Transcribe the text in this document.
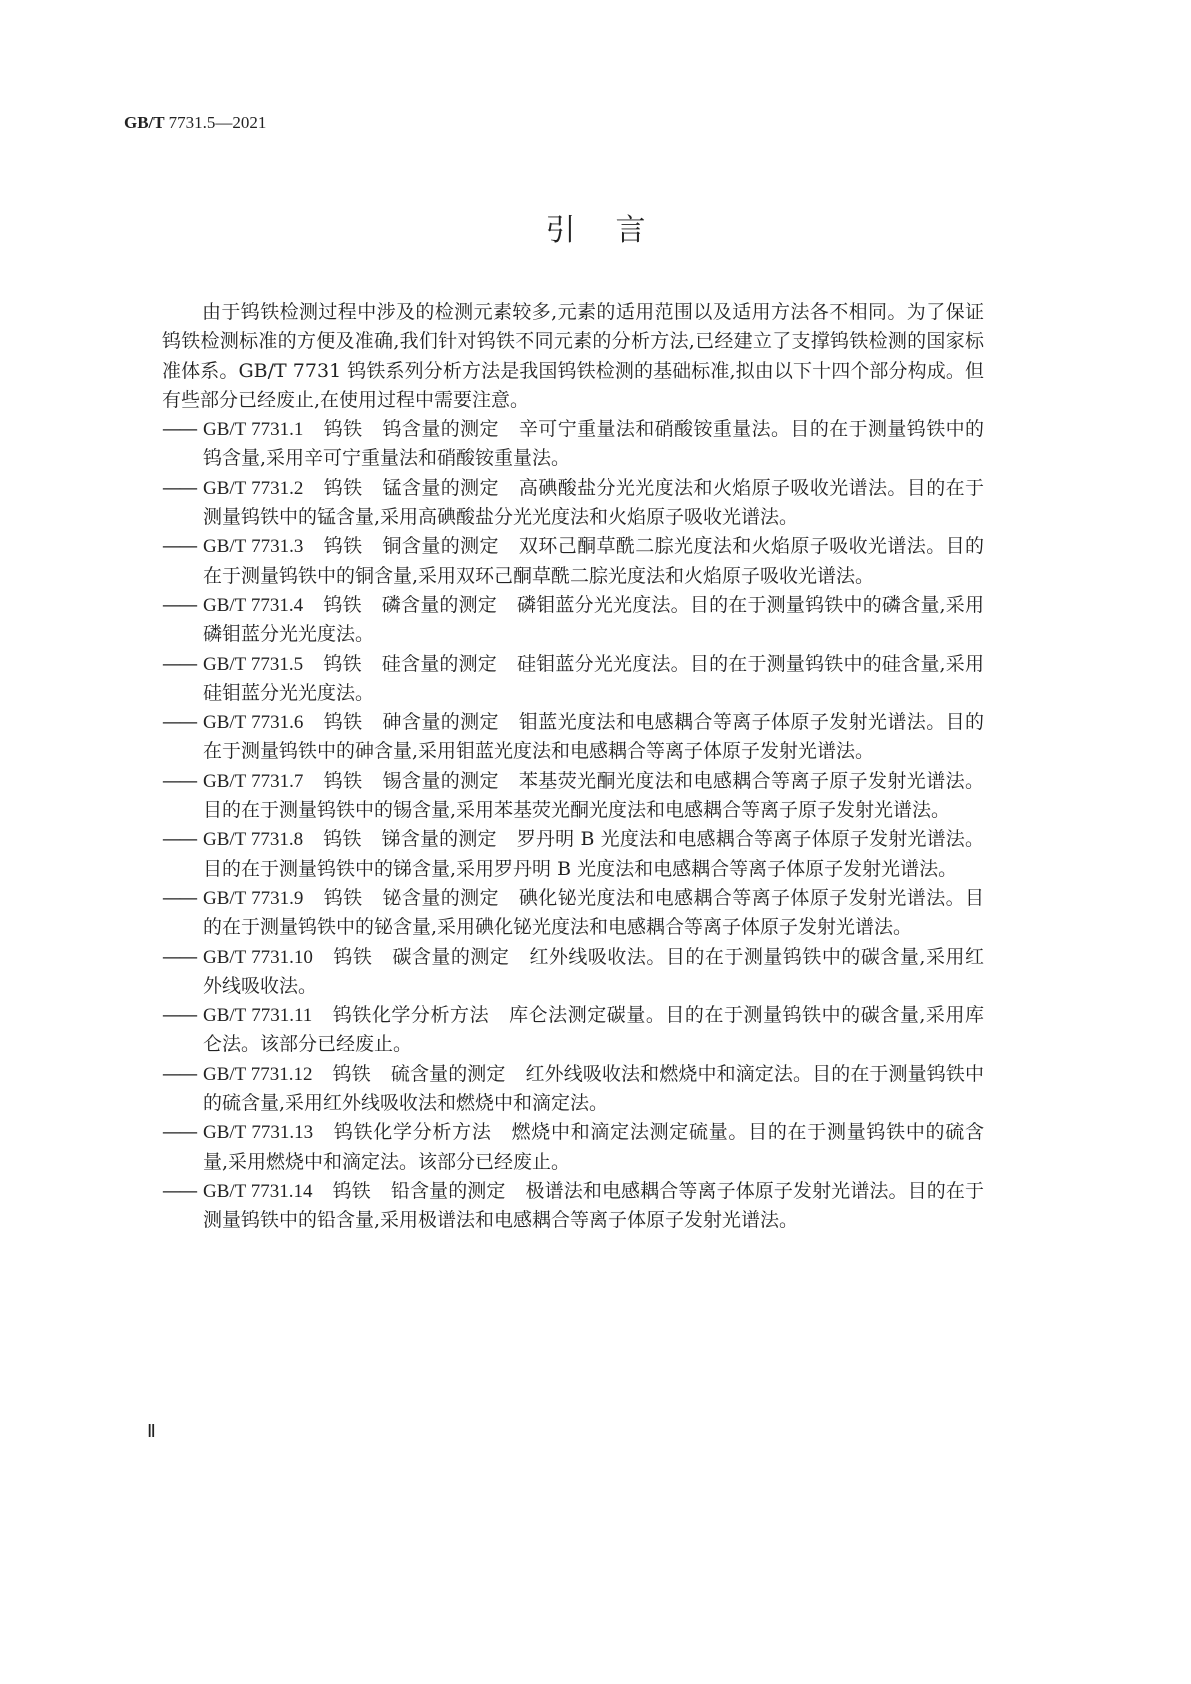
GB/T 7731.5—2021
引言

由于钨铁检测过程中涉及的检测元素较多,元素的适用范围以及适用方法各不相同。为了保证钨铁检测标准的方便及准确,我们针对钨铁不同元素的分析方法,已经建立了支撑钨铁检测的国家标准体系。GB/T 7731 钨铁系列分析方法是我国钨铁检测的基础标准,拟由以下十四个部分构成。但有些部分已经废止,在使用过程中需要注意。

—— GB/T 7731.1 钨铁 钨含量的测定 辛可宁重量法和硝酸铵重量法。目的在于测量钨铁中的钨含量,采用辛可宁重量法和硝酸铵重量法。

—— GB/T 7731.2 钨铁 锰含量的测定 高碘酸盐分光光度法和火焰原子吸收光谱法。目的在于测量钨铁中的锰含量,采用高碘酸盐分光光度法和火焰原子吸收光谱法。

—— GB/T 7731.3 钨铁 铜含量的测定 双环己酮草酰二腙光度法和火焰原子吸收光谱法。目的在于测量钨铁中的铜含量,采用双环己酮草酰二腙光度法和火焰原子吸收光谱法。

—— GB/T 7731.4 钨铁 磷含量的测定 磷钼蓝分光光度法。目的在于测量钨铁中的磷含量,采用磷钼蓝分光光度法。

—— GB/T 7731.5 钨铁 硅含量的测定 硅钼蓝分光光度法。目的在于测量钨铁中的硅含量,采用硅钼蓝分光光度法。

—— GB/T 7731.6 钨铁 砷含量的测定 钼蓝光度法和电感耦合等离子体原子发射光谱法。目的在于测量钨铁中的砷含量,采用钼蓝光度法和电感耦合等离子体原子发射光谱法。

—— GB/T 7731.7 钨铁 锡含量的测定 苯基荧光酮光度法和电感耦合等离子原子发射光谱法。目的在于测量钨铁中的锡含量,采用苯基荧光酮光度法和电感耦合等离子原子发射光谱法。

—— GB/T 7731.8 钨铁 锑含量的测定 罗丹明 B 光度法和电感耦合等离子体原子发射光谱法。目的在于测量钨铁中的锑含量,采用罗丹明 B 光度法和电感耦合等离子体原子发射光谱法。

—— GB/T 7731.9 钨铁 铋含量的测定 碘化铋光度法和电感耦合等离子体原子发射光谱法。目的在于测量钨铁中的铋含量,采用碘化铋光度法和电感耦合等离子体原子发射光谱法。

—— GB/T 7731.10 钨铁 碳含量的测定 红外线吸收法。目的在于测量钨铁中的碳含量,采用红外线吸收法。

—— GB/T 7731.11 钨铁化学分析方法 库仑法测定碳量。目的在于测量钨铁中的碳含量,采用库仑法。该部分已经废止。

—— GB/T 7731.12 钨铁 硫含量的测定 红外线吸收法和燃烧中和滴定法。目的在于测量钨铁中的硫含量,采用红外线吸收法和燃烧中和滴定法。

—— GB/T 7731.13 钨铁化学分析方法 燃烧中和滴定法测定硫量。目的在于测量钨铁中的硫含量,采用燃烧中和滴定法。该部分已经废止。

—— GB/T 7731.14 钨铁 铅含量的测定 极谱法和电感耦合等离子体原子发射光谱法。目的在于测量钨铁中的铅含量,采用极谱法和电感耦合等离子体原子发射光谱法。

Ⅱ
